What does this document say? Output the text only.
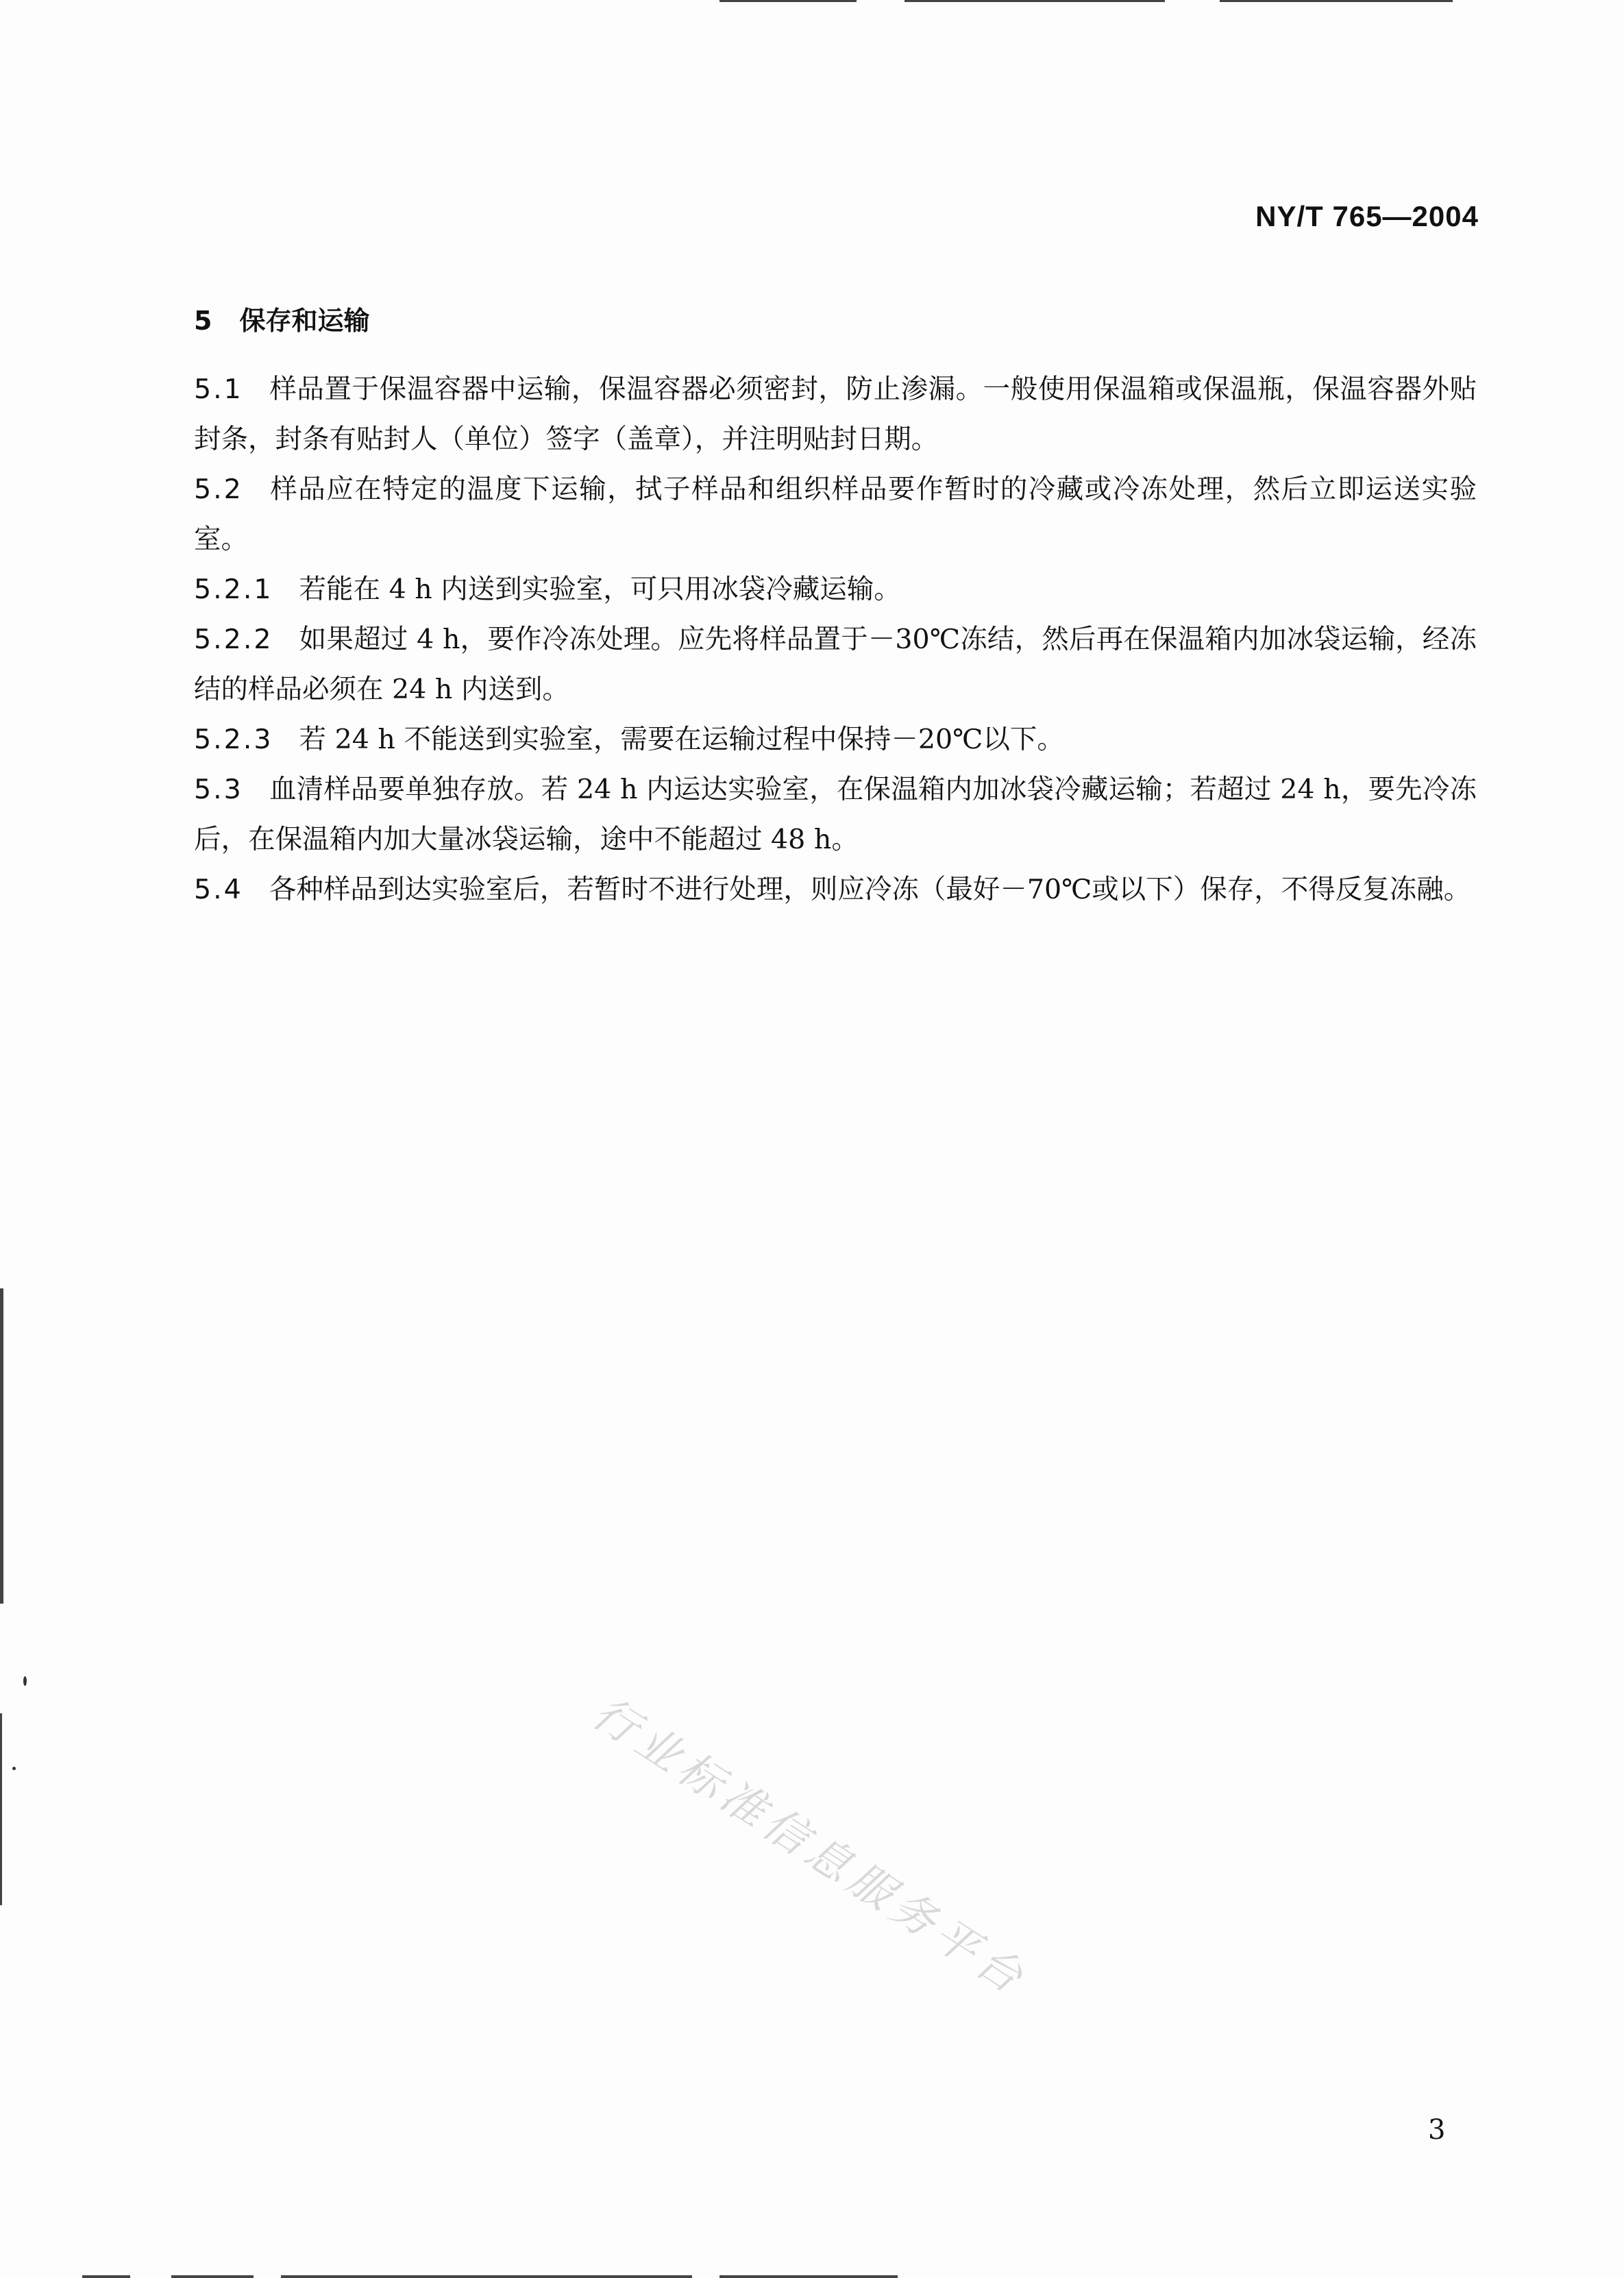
NY/T 765—2004
5 保存和运输

5.1 样品置于保温容器中运输，保温容器必须密封，防止渗漏。一般使用保温箱或保温瓶，保温容器外贴封条，封条有贴封人（单位）签字（盖章），并注明贴封日期。

5.2 样品应在特定的温度下运输，拭子样品和组织样品要作暂时的冷藏或冷冻处理，然后立即运送实验室。

5.2.1 若能在 4 h 内送到实验室，可只用冰袋冷藏运输。

5.2.2 如果超过 4 h，要作冷冻处理。应先将样品置于－30℃冻结，然后再在保温箱内加冰袋运输，经冻结的样品必须在 24 h 内送到。

5.2.3 若 24 h 不能送到实验室，需要在运输过程中保持－20℃以下。

5.3 血清样品要单独存放。若 24 h 内运达实验室，在保温箱内加冰袋冷藏运输；若超过 24 h，要先冷冻后，在保温箱内加大量冰袋运输，途中不能超过 48 h。

5.4 各种样品到达实验室后，若暂时不进行处理，则应冷冻（最好－70℃或以下）保存，不得反复冻融。

行业标准信息服务平台
3
